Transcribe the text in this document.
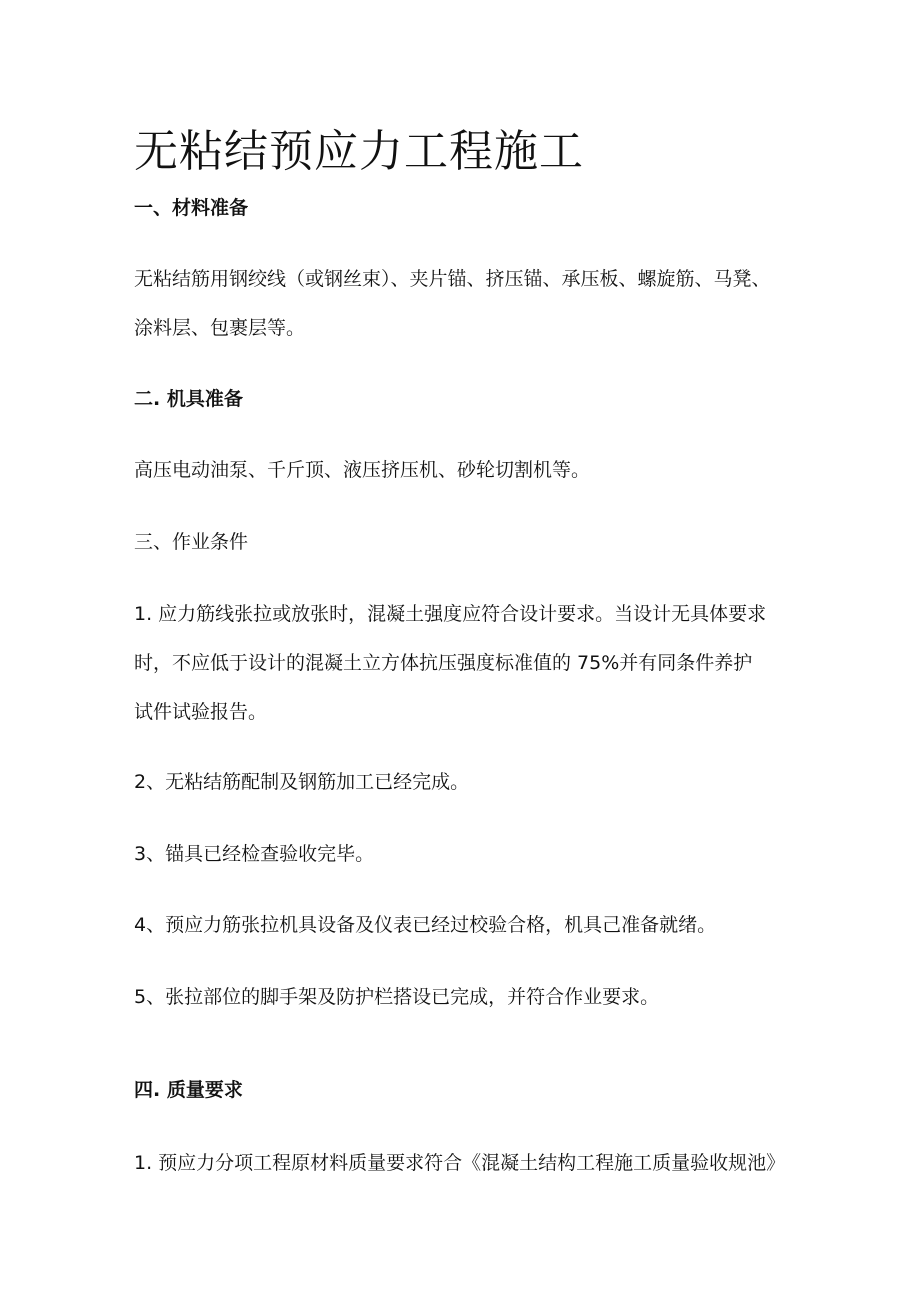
无粘结预应力工程施工
一、材料准备
无粘结筋用钢绞线（或钢丝束）、夹片锚、挤压锚、承压板、螺旋筋、马凳、
涂料层、包裹层等。
二. 机具准备
高压电动油泵、千斤顶、液压挤压机、砂轮切割机等。
三、作业条件
1. 应力筋线张拉或放张时，混凝土强度应符合设计要求。当设计无具体要求
时，不应低于设计的混凝土立方体抗压强度标准值的 75%并有同条件养护
试件试验报告。
2、无粘结筋配制及钢筋加工已经完成。
3、锚具已经检查验收完毕。
4、预应力筋张拉机具设备及仪表已经过校验合格，机具己准备就绪。
5、张拉部位的脚手架及防护栏搭设已完成，并符合作业要求。
四. 质量要求
1. 预应力分项工程原材料质量要求符合《混凝土结构工程施工质量验收规池》
